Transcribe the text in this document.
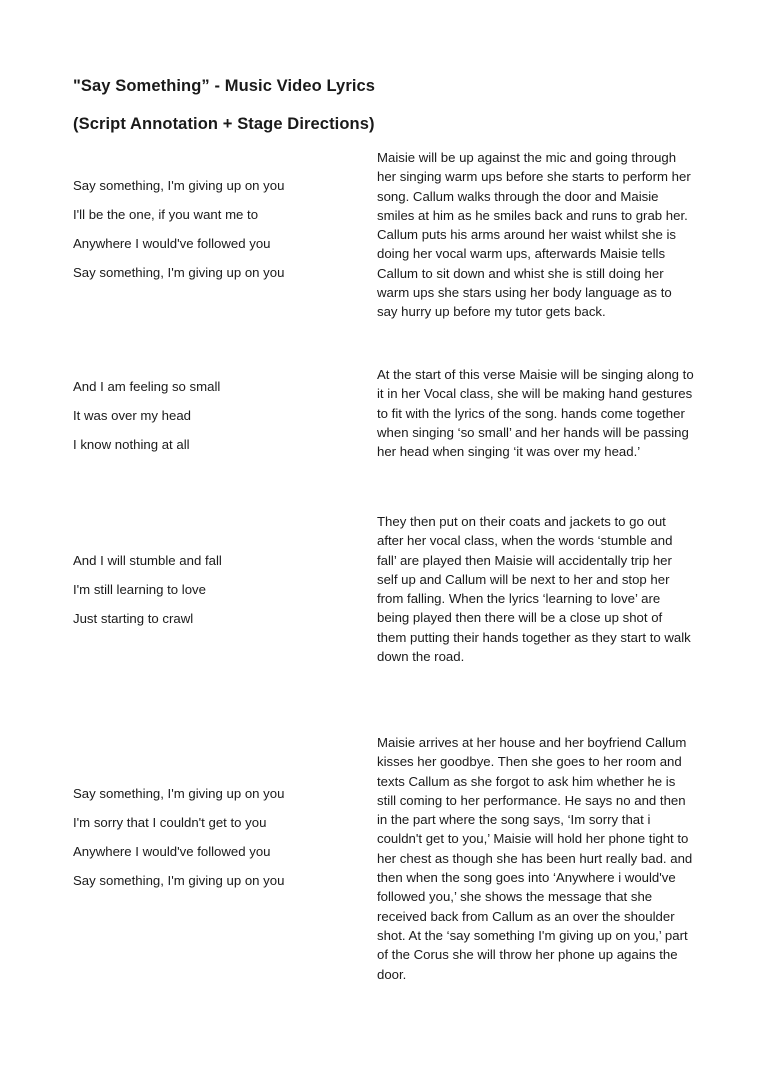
"Say Something” - Music Video Lyrics
(Script Annotation + Stage Directions)
Say something, I'm giving up on you
I'll be the one, if you want me to
Anywhere I would've followed you
Say something, I'm giving up on you

Maisie will be up against the mic and going through her singing warm ups before she starts to perform her song. Callum walks through the door and Maisie smiles at him as he smiles back and runs to grab her. Callum puts his arms around her waist whilst she is doing her vocal warm ups, afterwards Maisie tells Callum to sit down and whist she is still doing her warm ups she stars using her body language as to say hurry up before my tutor gets back.

And I am feeling so small
It was over my head
I know nothing at all

At the start of this verse Maisie will be singing along to it in her Vocal class, she will be making hand gestures to fit with the lyrics of the song. hands come together when singing ‘so small’ and her hands will be passing her head when singing ‘it was over my head.’

And I will stumble and fall
I'm still learning to love
Just starting to crawl

They then put on their coats and jackets to go out after her vocal class, when the words ‘stumble and fall’ are played then Maisie will accidentally trip her self up and Callum will be next to her and stop her from falling. When the lyrics ‘learning to love’ are being played then there will be a close up shot of them putting their hands together as they start to walk down the road.

Say something, I'm giving up on you
I'm sorry that I couldn't get to you
Anywhere I would've followed you
Say something, I'm giving up on you

Maisie arrives at her house and her boyfriend Callum kisses her goodbye. Then she goes to her room and texts Callum as she forgot to ask him whether he is still coming to her performance. He says no and then in the part where the song says, ‘Im sorry that i couldn't get to you,’ Maisie will hold her phone tight to her chest as though she has been hurt really bad. and then when the song goes into ‘Anywhere i would've followed you,’ she shows the message that she received back from Callum as an over the shoulder shot. At the ‘say something I'm giving up on you,’ part of the Corus she will throw her phone up agains the door.
